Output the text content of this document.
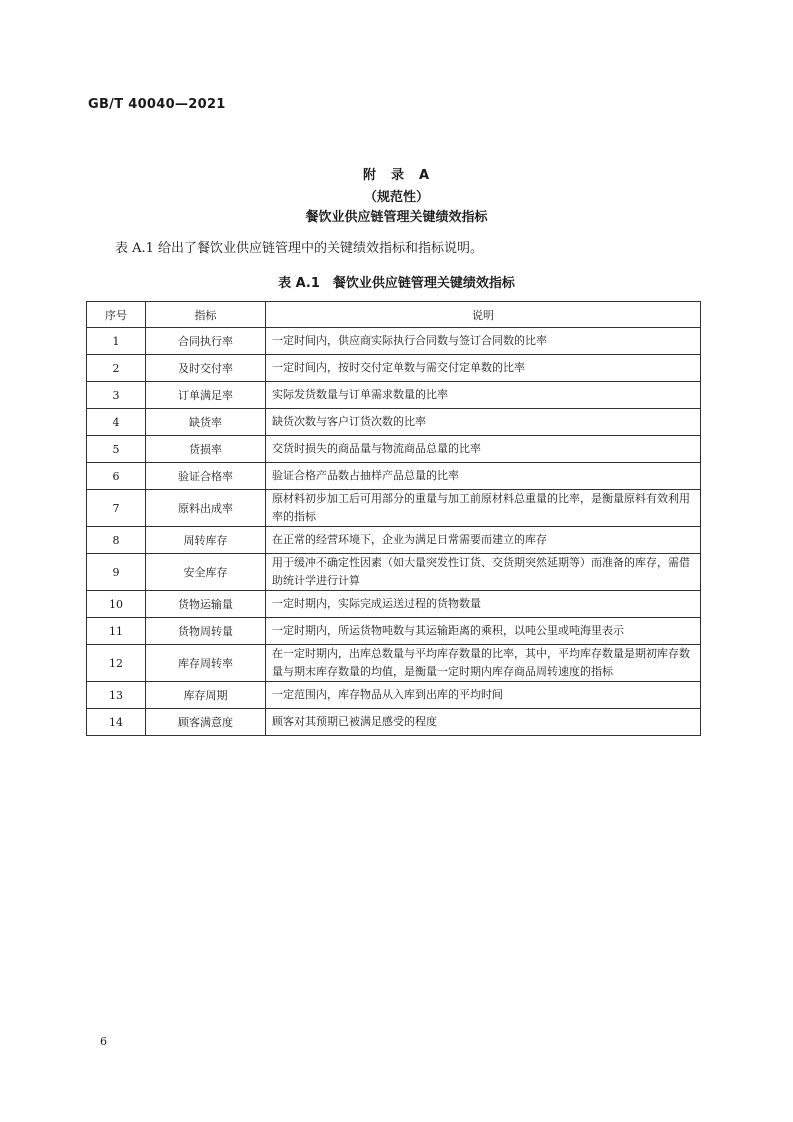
GB/T 40040—2021
附　录　A
（规范性）
餐饮业供应链管理关键绩效指标
表 A.1 给出了餐饮业供应链管理中的关键绩效指标和指标说明。
表 A.1　餐饮业供应链管理关键绩效指标
序号	指标	说明
1	合同执行率	一定时间内，供应商实际执行合同数与签订合同数的比率
2	及时交付率	一定时间内，按时交付定单数与需交付定单数的比率
3	订单满足率	实际发货数量与订单需求数量的比率
4	缺货率	缺货次数与客户订货次数的比率
5	货损率	交货时损失的商品量与物流商品总量的比率
6	验证合格率	验证合格产品数占抽样产品总量的比率
7	原料出成率	原材料初步加工后可用部分的重量与加工前原材料总重量的比率，是衡量原料有效利用率的指标
8	周转库存	在正常的经营环境下，企业为满足日常需要而建立的库存
9	安全库存	用于缓冲不确定性因素（如大量突发性订货、交货期突然延期等）而准备的库存，需借助统计学进行计算
10	货物运输量	一定时期内，实际完成运送过程的货物数量
11	货物周转量	一定时期内，所运货物吨数与其运输距离的乘积，以吨公里或吨海里表示
12	库存周转率	在一定时期内，出库总数量与平均库存数量的比率，其中，平均库存数量是期初库存数量与期末库存数量的均值，是衡量一定时期内库存商品周转速度的指标
13	库存周期	一定范围内，库存物品从入库到出库的平均时间
14	顾客满意度	顾客对其预期已被满足感受的程度
6
